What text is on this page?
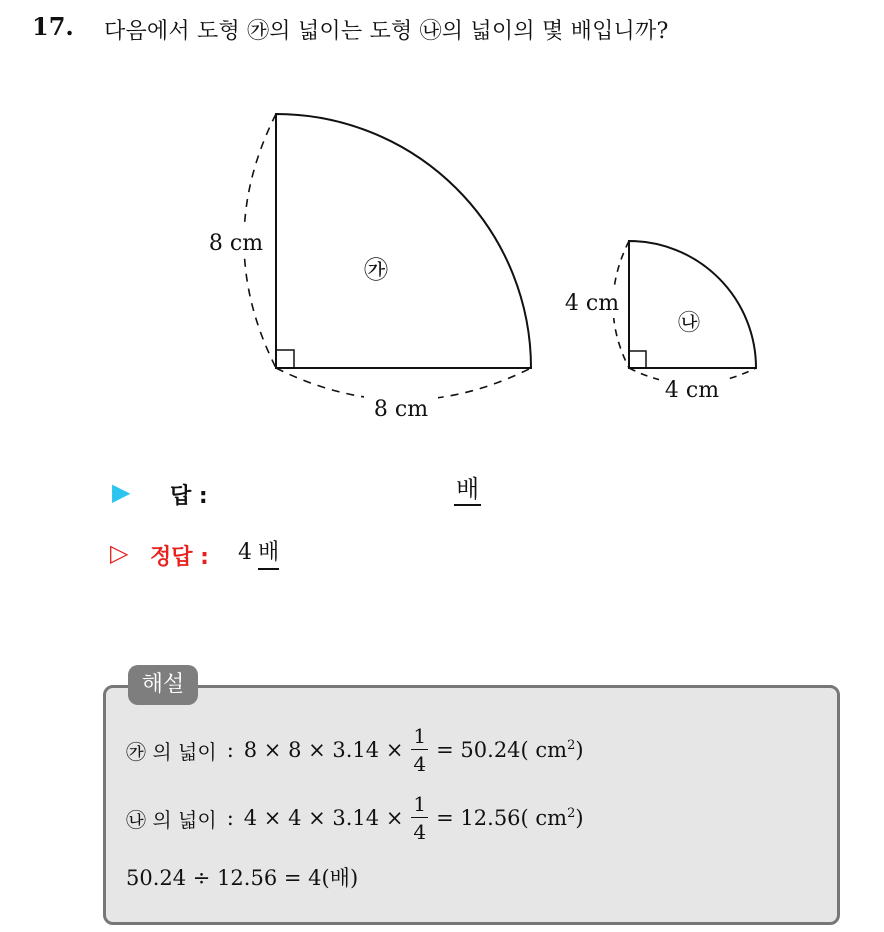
17. 다음에서 도형 ㉮의 넓이는 도형 ㉯의 넓이의 몇 배입니까?
8 cm
8 cm
㉮
4 cm
4 cm
㉯
▶ 답 :	배
▷ 정답 : 4 배
해설
㉮ 의 넓이 : $8 \times 8 \times 3.14 \times \frac{1}{4} = 50.24$( $cm^2$)
㉯ 의 넓이 : $4 \times 4 \times 3.14 \times \frac{1}{4} = 12.56$( $cm^2$)
50.24 ÷ 12.56 = 4(배)
